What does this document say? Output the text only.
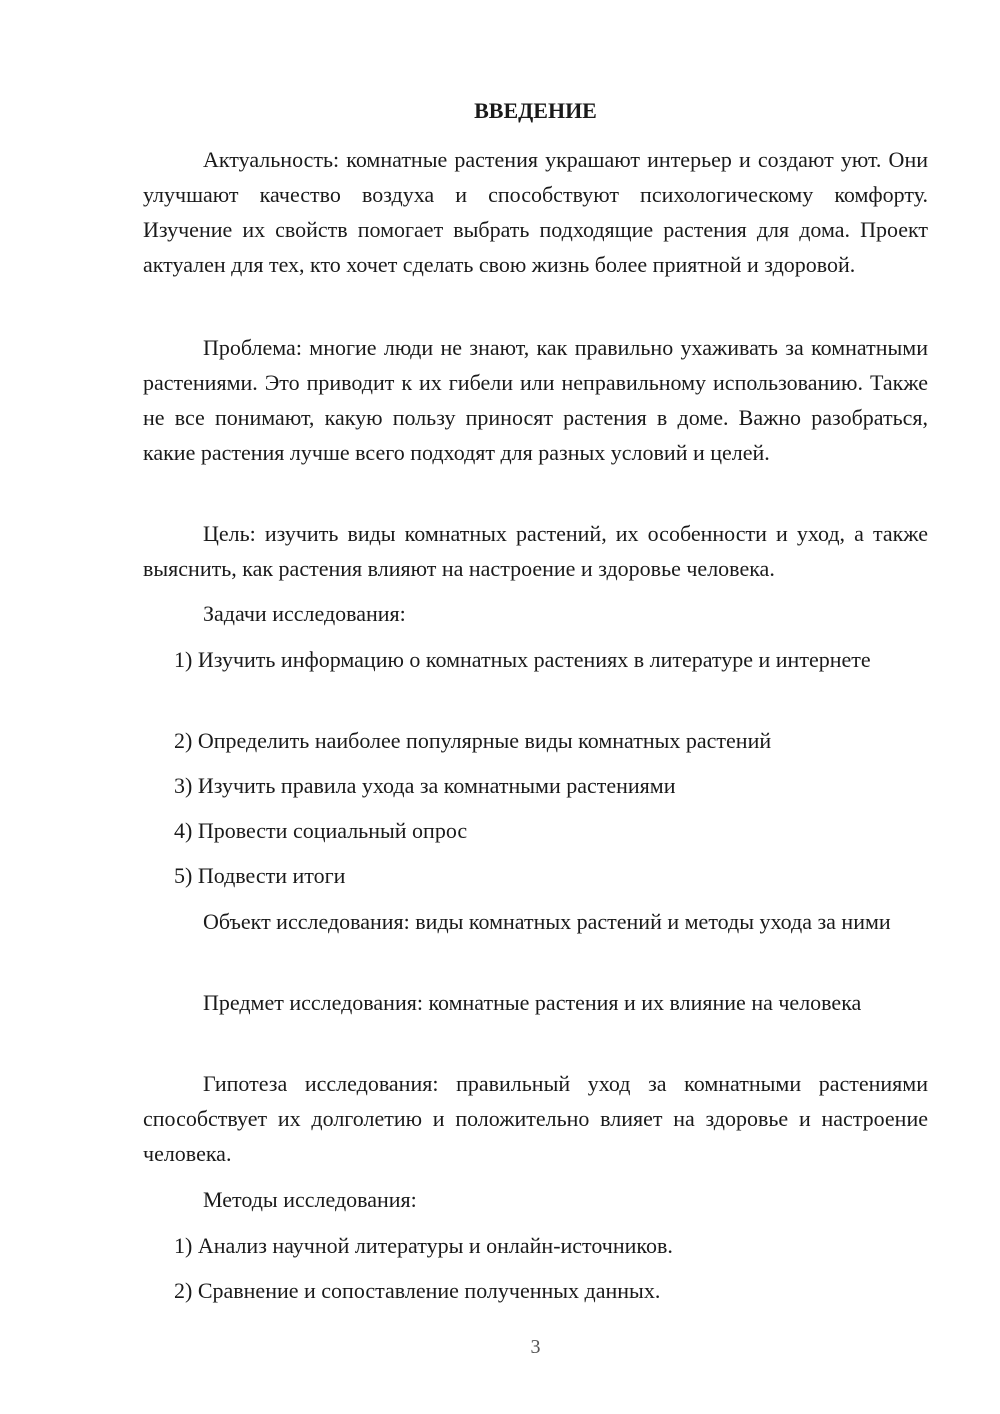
ВВЕДЕНИЕ

Актуальность: комнатные растения украшают интерьер и создают уют. Они улучшают качество воздуха и способствуют психологическому комфорту. Изучение их свойств помогает выбрать подходящие растения для дома. Проект актуален для тех, кто хочет сделать свою жизнь более приятной и здоровой.

Проблема: многие люди не знают, как правильно ухаживать за комнатными растениями. Это приводит к их гибели или неправильному использованию. Также не все понимают, какую пользу приносят растения в доме. Важно разобраться, какие растения лучше всего подходят для разных условий и целей.

Цель: изучить виды комнатных растений, их особенности и уход, а также выяснить, как растения влияют на настроение и здоровье человека.

Задачи исследования:

1) Изучить информацию о комнатных растениях в литературе и интернете

2) Определить наиболее популярные виды комнатных растений

3) Изучить правила ухода за комнатными растениями

4) Провести социальный опрос

5) Подвести итоги

Объект исследования: виды комнатных растений и методы ухода за ними

Предмет исследования: комнатные растения и их влияние на человека

Гипотеза исследования: правильный уход за комнатными растениями способствует их долголетию и положительно влияет на здоровье и настроение человека.

Методы исследования:

1) Анализ научной литературы и онлайн-источников.

2) Сравнение и сопоставление полученных данных.

3
